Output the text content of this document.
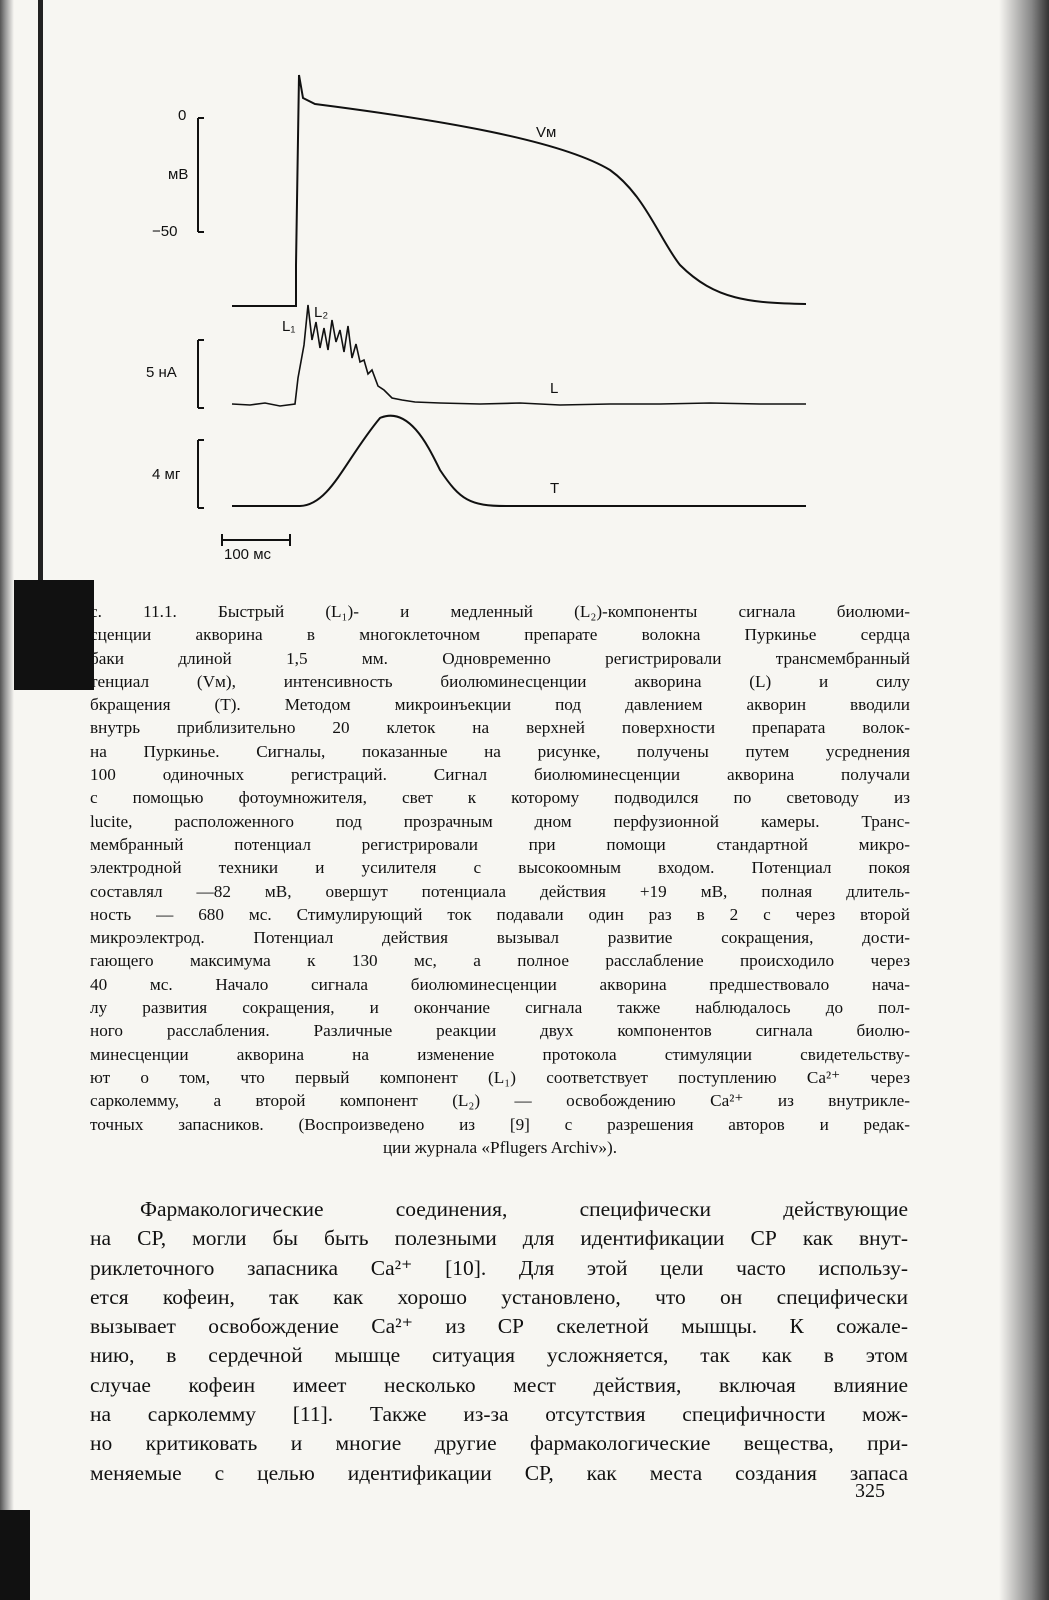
0
мВ
−50
Vм
L₁
L₂
5 нА
L
4 мг
T
100 мс
с. 11.1. Быстрый (L₁)- и медленный (L₂)-компоненты сигнала биолюми-
сценции акворина в многоклеточном препарате волокна Пуркинье сердца
баки длиной 1,5 мм. Одновременно регистрировали трансмембранный
тенциал (Vм), интенсивность биолюминесценции акворина (L) и силу
бкращения (Т). Методом микроинъекции под давлением акворин вводили
внутрь приблизительно 20 клеток на верхней поверхности препарата волок-
на Пуркинье. Сигналы, показанные на рисунке, получены путем усреднения
100 одиночных регистраций. Сигнал биолюминесценции акворина получали
с помощью фотоумножителя, свет к которому подводился по световоду из
lucite, расположенного под прозрачным дном перфузионной камеры. Транс-
мембранный потенциал регистрировали при помощи стандартной микро-
электродной техники и усилителя с высокоомным входом. Потенциал покоя
составлял —82 мВ, овершут потенциала действия +19 мВ, полная длитель-
ность — 680 мс. Стимулирующий ток подавали один раз в 2 с через второй
микроэлектрод. Потенциал действия вызывал развитие сокращения, дости-
гающего максимума к 130 мс, а полное расслабление происходило через
40 мс. Начало сигнала биолюминесценции акворина предшествовало нача-
лу развития сокращения, и окончание сигнала также наблюдалось до пол-
ного расслабления. Различные реакции двух компонентов сигнала биолю-
минесценции акворина на изменение протокола стимуляции свидетельству-
ют о том, что первый компонент (L₁) соответствует поступлению Ca²⁺ через
сарколемму, а второй компонент (L₂) — освобождению Ca²⁺ из внутрикле-
точных запасников. (Воспроизведено из [9] с разрешения авторов и редак-
ции журнала «Pflugers Archiv»).
Фармакологические соединения, специфически действующие
на СР, могли бы быть полезными для идентификации СР как внут-
риклеточного запасника Ca²⁺ [10]. Для этой цели часто использу-
ется кофеин, так как хорошо установлено, что он специфически
вызывает освобождение Ca²⁺ из СР скелетной мышцы. К сожале-
нию, в сердечной мышце ситуация усложняется, так как в этом
случае кофеин имеет несколько мест действия, включая влияние
на сарколемму [11]. Также из-за отсутствия специфичности мож-
но критиковать и многие другие фармакологические вещества, при-
меняемые с целью идентификации СР, как места создания запаса
325
